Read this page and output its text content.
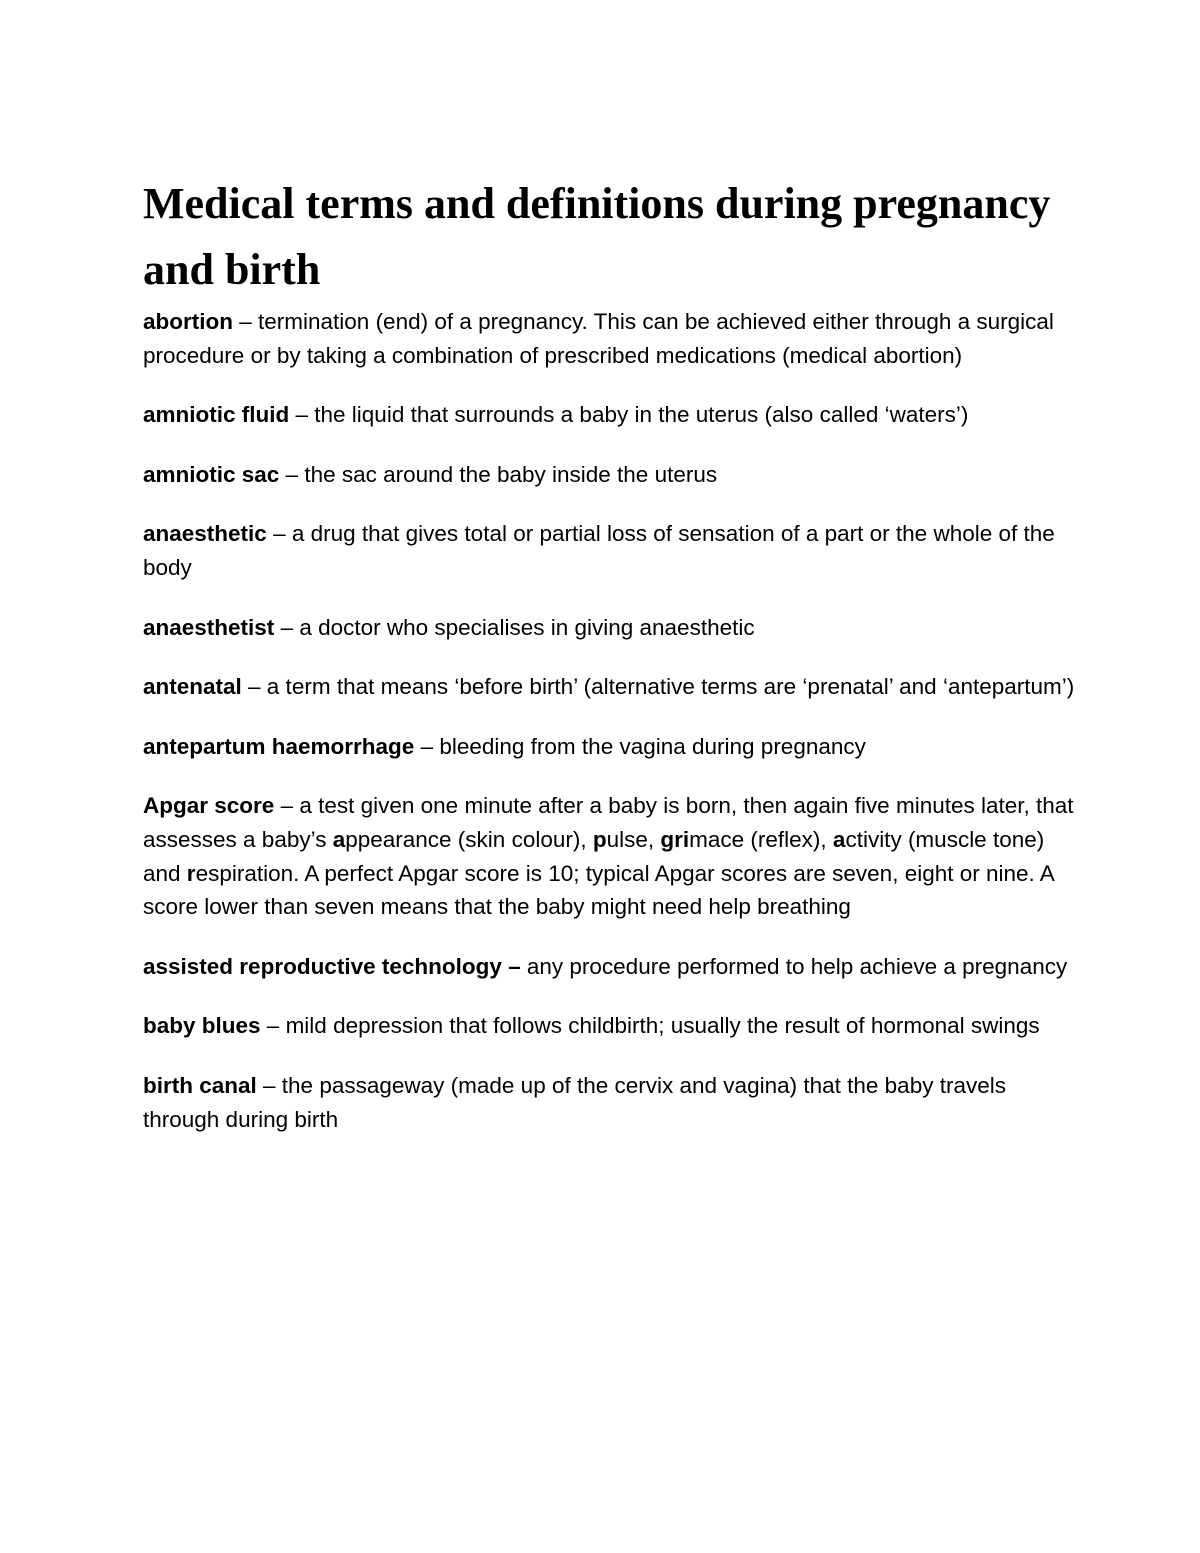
Medical terms and definitions during pregnancy and birth

abortion – termination (end) of a pregnancy. This can be achieved either through a surgical procedure or by taking a combination of prescribed medications (medical abortion)

amniotic fluid – the liquid that surrounds a baby in the uterus (also called ‘waters’)

amniotic sac – the sac around the baby inside the uterus

anaesthetic – a drug that gives total or partial loss of sensation of a part or the whole of the body

anaesthetist – a doctor who specialises in giving anaesthetic

antenatal – a term that means ‘before birth’ (alternative terms are ‘prenatal’ and ‘antepartum’)

antepartum haemorrhage – bleeding from the vagina during pregnancy

Apgar score – a test given one minute after a baby is born, then again five minutes later, that assesses a baby’s appearance (skin colour), pulse, grimace (reflex), activity (muscle tone) and respiration. A perfect Apgar score is 10; typical Apgar scores are seven, eight or nine. A score lower than seven means that the baby might need help breathing

assisted reproductive technology – any procedure performed to help achieve a pregnancy

baby blues – mild depression that follows childbirth; usually the result of hormonal swings

birth canal – the passageway (made up of the cervix and vagina) that the baby travels through during birth
